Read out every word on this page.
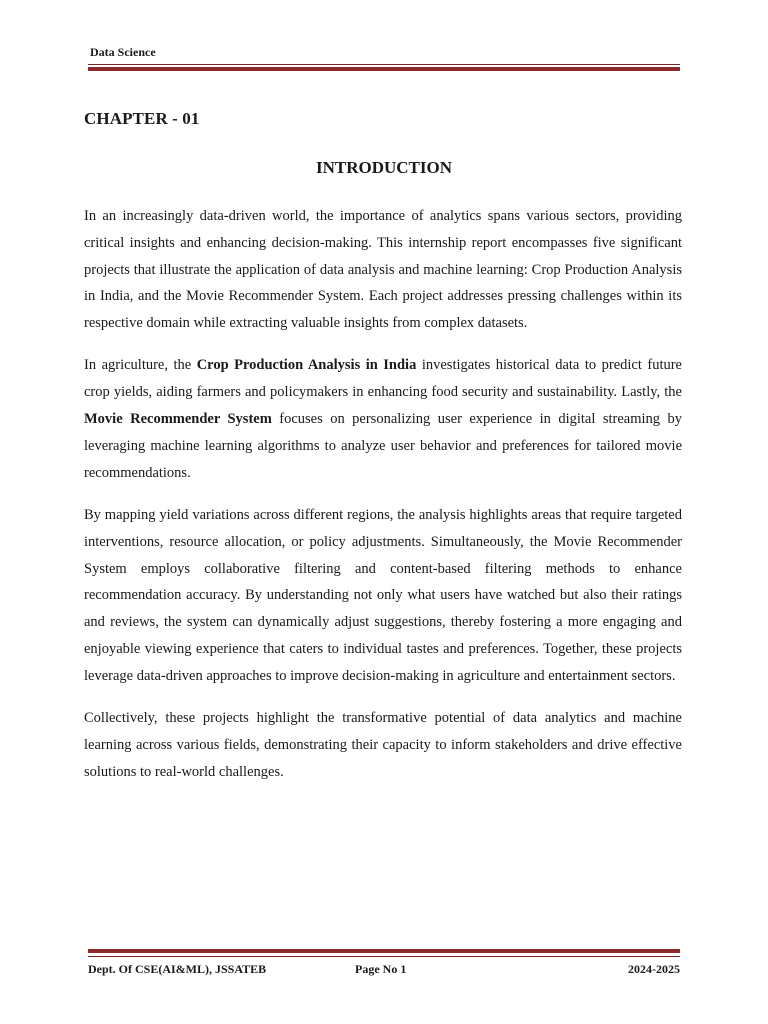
Data Science
CHAPTER - 01
INTRODUCTION

In an increasingly data-driven world, the importance of analytics spans various sectors, providing critical insights and enhancing decision-making. This internship report encompasses five significant projects that illustrate the application of data analysis and machine learning: Crop Production Analysis in India, and the Movie Recommender System. Each project addresses pressing challenges within its respective domain while extracting valuable insights from complex datasets.

In agriculture, the Crop Production Analysis in India investigates historical data to predict future crop yields, aiding farmers and policymakers in enhancing food security and sustainability. Lastly, the Movie Recommender System focuses on personalizing user experience in digital streaming by leveraging machine learning algorithms to analyze user behavior and preferences for tailored movie recommendations.

By mapping yield variations across different regions, the analysis highlights areas that require targeted interventions, resource allocation, or policy adjustments. Simultaneously, the Movie Recommender System employs collaborative filtering and content-based filtering methods to enhance recommendation accuracy. By understanding not only what users have watched but also their ratings and reviews, the system can dynamically adjust suggestions, thereby fostering a more engaging and enjoyable viewing experience that caters to individual tastes and preferences. Together, these projects leverage data-driven approaches to improve decision-making in agriculture and entertainment sectors.

Collectively, these projects highlight the transformative potential of data analytics and machine learning across various fields, demonstrating their capacity to inform stakeholders and drive effective solutions to real-world challenges.

Dept. Of CSE(AI&ML), JSSATEB	Page No 1	2024-2025
